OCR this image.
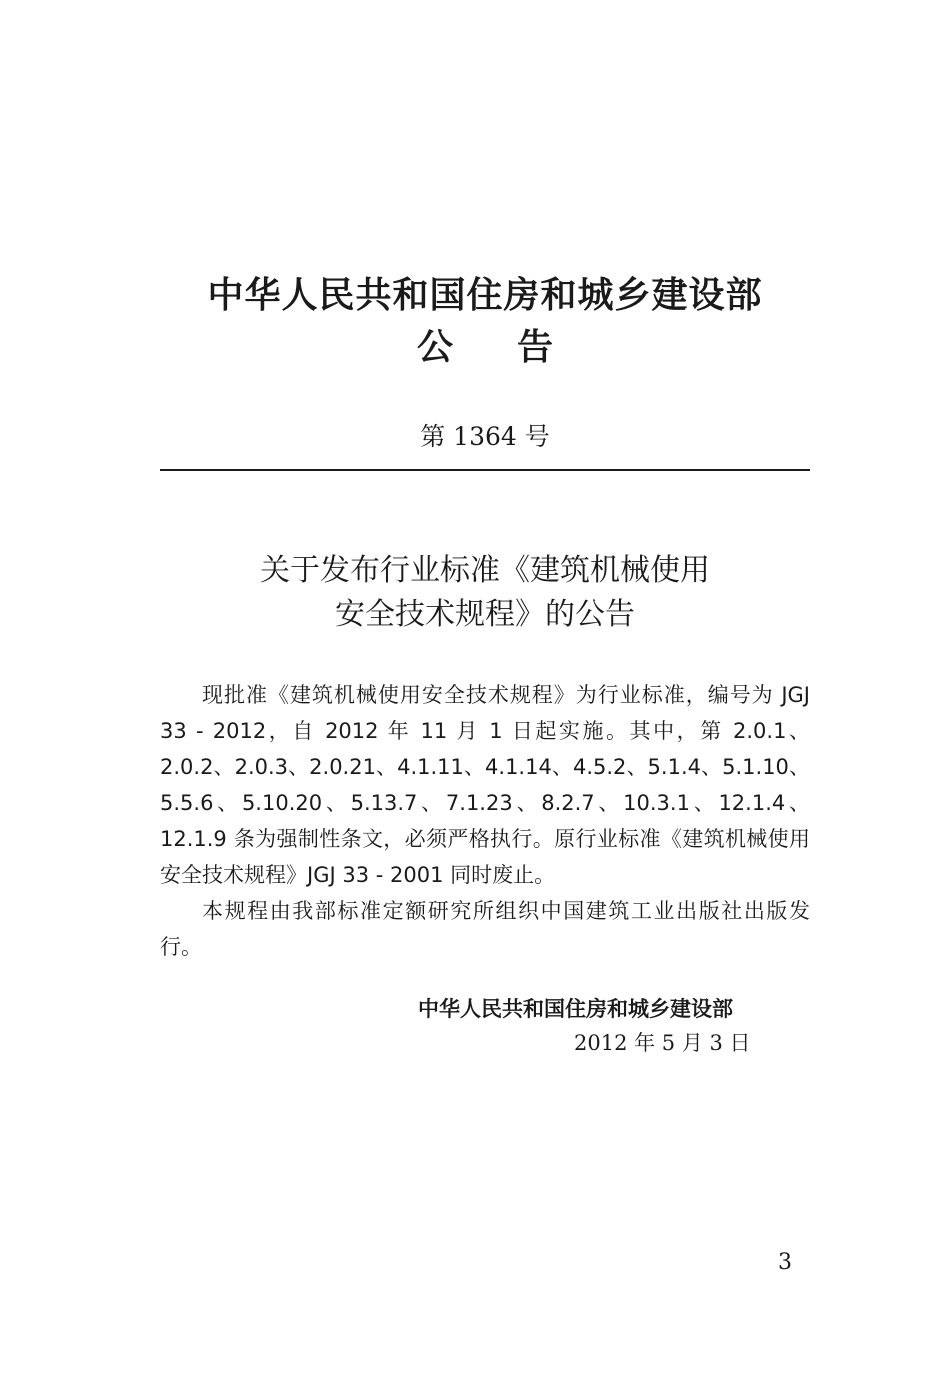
中华人民共和国住房和城乡建设部
公 告
第 1364 号
关于发布行业标准《建筑机械使用
安全技术规程》的公告

现批准《建筑机械使用安全技术规程》为行业标准，编号为 JGJ 33 - 2012，自 2012 年 11 月 1 日起实施。其中，第 2.0.1、2.0.2、2.0.3、2.0.21、4.1.11、4.1.14、4.5.2、5.1.4、5.1.10、5.5.6、5.10.20、5.13.7、7.1.23、8.2.7、10.3.1、12.1.4、12.1.9 条为强制性条文，必须严格执行。原行业标准《建筑机械使用安全技术规程》JGJ 33 - 2001 同时废止。

本规程由我部标准定额研究所组织中国建筑工业出版社出版发行。

中华人民共和国住房和城乡建设部
2012 年 5 月 3 日
3
